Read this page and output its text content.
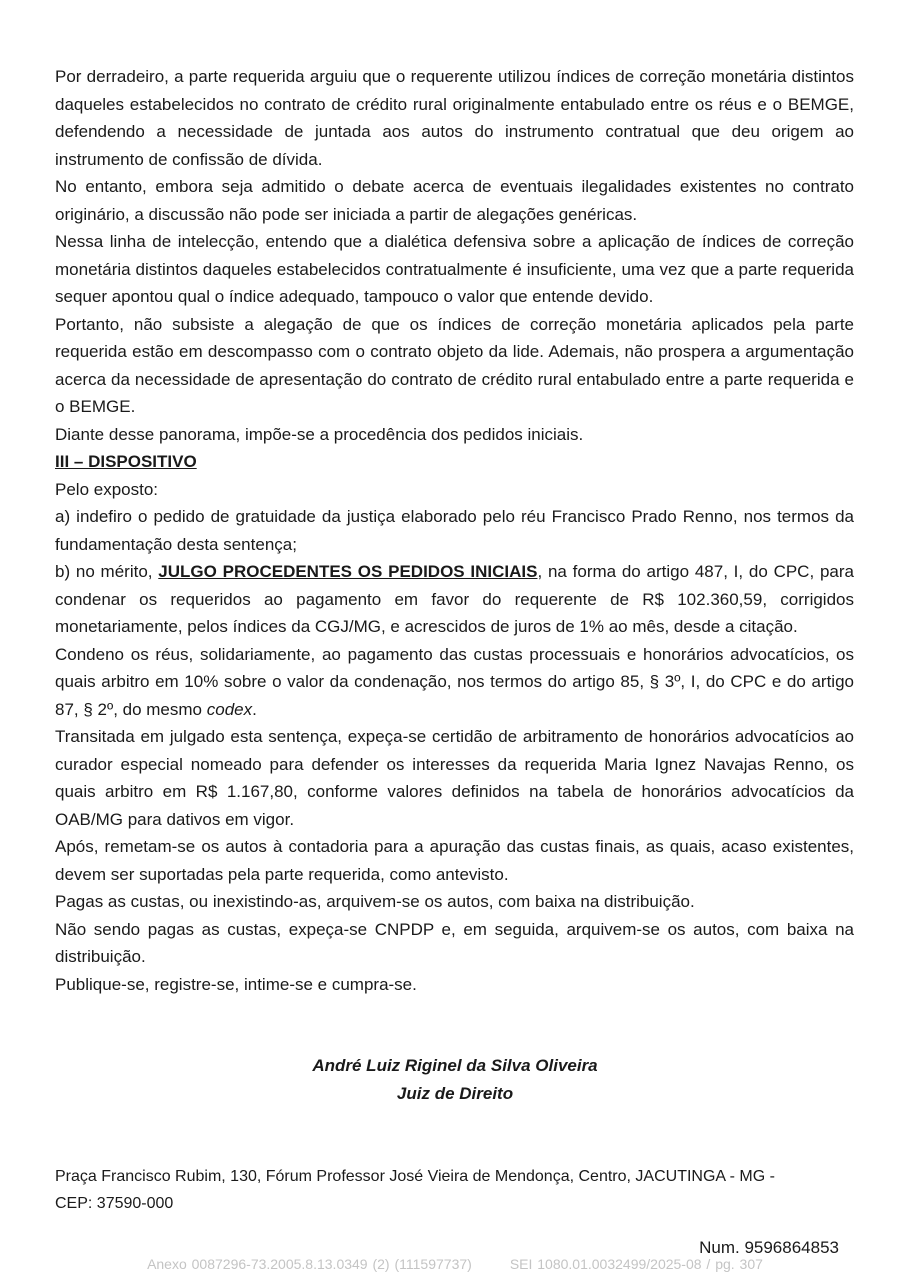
Por derradeiro, a parte requerida arguiu que o requerente utilizou índices de correção monetária distintos daqueles estabelecidos no contrato de crédito rural originalmente entabulado entre os réus e o BEMGE, defendendo a necessidade de juntada aos autos do instrumento contratual que deu origem ao instrumento de confissão de dívida.

No entanto, embora seja admitido o debate acerca de eventuais ilegalidades existentes no contrato originário, a discussão não pode ser iniciada a partir de alegações genéricas.

Nessa linha de intelecção, entendo que a dialética defensiva sobre a aplicação de índices de correção monetária distintos daqueles estabelecidos contratualmente é insuficiente, uma vez que a parte requerida sequer apontou qual o índice adequado, tampouco o valor que entende devido.

Portanto, não subsiste a alegação de que os índices de correção monetária aplicados pela parte requerida estão em descompasso com o contrato objeto da lide. Ademais, não prospera a argumentação acerca da necessidade de apresentação do contrato de crédito rural entabulado entre a parte requerida e o BEMGE.

Diante desse panorama, impõe-se a procedência dos pedidos iniciais.

III – DISPOSITIVO

Pelo exposto:

a) indefiro o pedido de gratuidade da justiça elaborado pelo réu Francisco Prado Renno, nos termos da fundamentação desta sentença;

b) no mérito, JULGO PROCEDENTES OS PEDIDOS INICIAIS, na forma do artigo 487, I, do CPC, para condenar os requeridos ao pagamento em favor do requerente de R$ 102.360,59, corrigidos monetariamente, pelos índices da CGJ/MG, e acrescidos de juros de 1% ao mês, desde a citação.

Condeno os réus, solidariamente, ao pagamento das custas processuais e honorários advocatícios, os quais arbitro em 10% sobre o valor da condenação, nos termos do artigo 85, § 3º, I, do CPC e do artigo 87, § 2º, do mesmo codex.

Transitada em julgado esta sentença, expeça-se certidão de arbitramento de honorários advocatícios ao curador especial nomeado para defender os interesses da requerida Maria Ignez Navajas Renno, os quais arbitro em R$ 1.167,80, conforme valores definidos na tabela de honorários advocatícios da OAB/MG para dativos em vigor.

Após, remetam-se os autos à contadoria para a apuração das custas finais, as quais, acaso existentes, devem ser suportadas pela parte requerida, como antevisto.

Pagas as custas, ou inexistindo-as, arquivem-se os autos, com baixa na distribuição.

Não sendo pagas as custas, expeça-se CNPDP e, em seguida, arquivem-se os autos, com baixa na distribuição.

Publique-se, registre-se, intime-se e cumpra-se.

André Luiz Riginel da Silva Oliveira
Juiz de Direito
Praça Francisco Rubim, 130, Fórum Professor José Vieira de Mendonça, Centro, JACUTINGA - MG -
CEP: 37590-000
Num. 9596864853
Anexo 0087296-73.2005.8.13.0349 (2) (111597737)	SEI 1080.01.0032499/2025-08 / pg. 307
